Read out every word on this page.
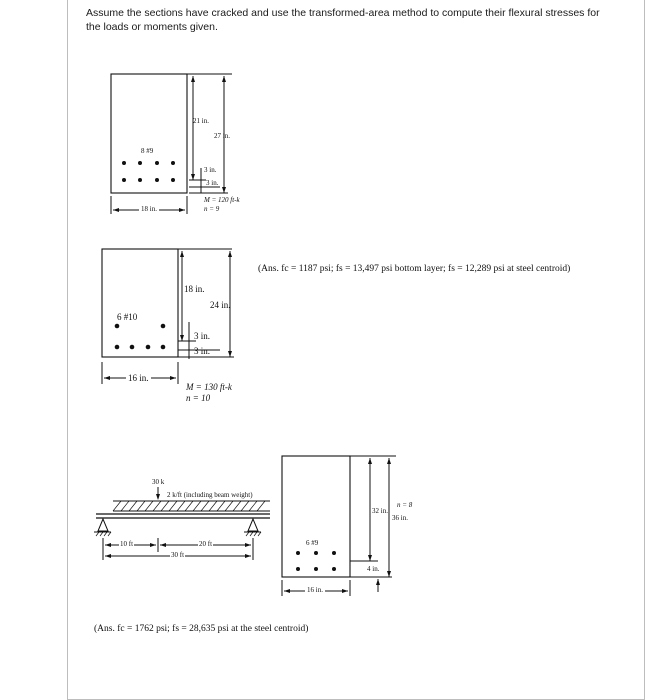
Assume the sections have cracked and use the transformed-area method to compute their flexural stresses for the loads or moments given.
21 in.
27 in.
8 #9
3 in.
3 in.
M = 120 ft-k
n = 9
18 in.
18 in.
24 in.
6 #10
3 in.
3 in.
16 in.
M = 130 ft-k
n = 10
(Ans. fc = 1187 psi; fs = 13,497 psi bottom layer; fs = 12,289 psi at steel centroid)
30 k
2 k/ft (including beam weight)
10 ft	20 ft
30 ft
6 #9
32 in.
36 in.
n = 8
4 in.
16 in.
(Ans. fc = 1762 psi; fs = 28,635 psi at the steel centroid)
